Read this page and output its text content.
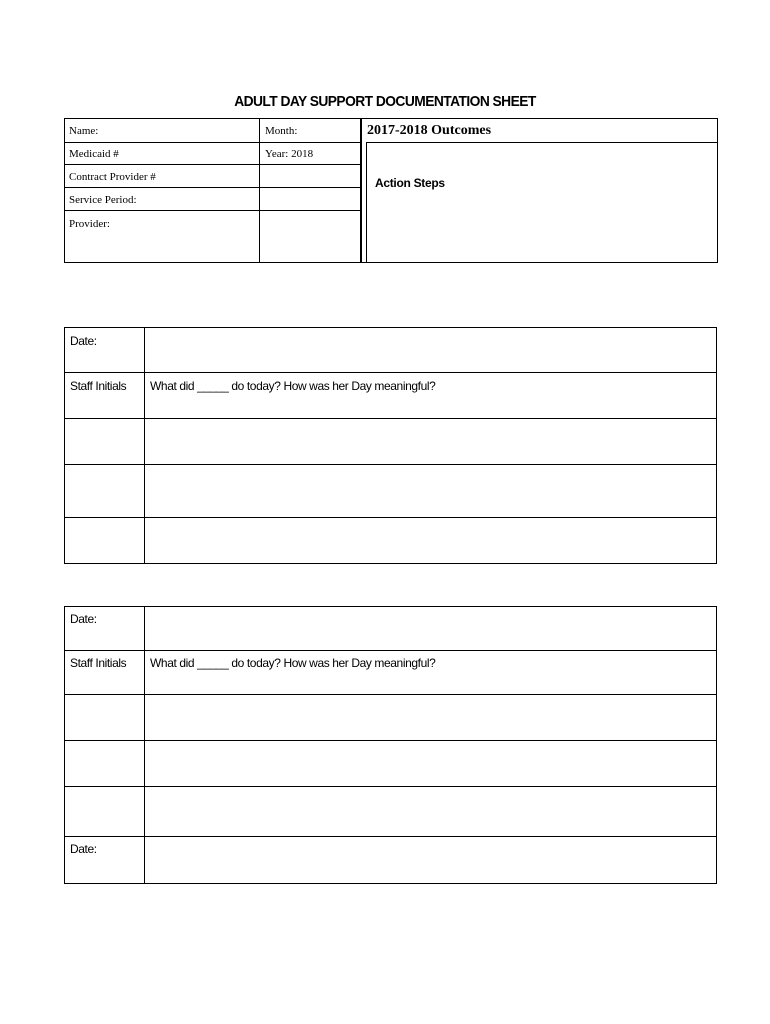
ADULT DAY SUPPORT DOCUMENTATION SHEET
Name:	Month:
Medicaid #	Year: 2018
Contract Provider #
Service Period:
Provider:
2017-2018 Outcomes
Action Steps
Date:
Staff Initials What did _____ do today? How was her Day meaningful?
Date:
Staff Initials What did _____ do today? How was her Day meaningful?
Date:
